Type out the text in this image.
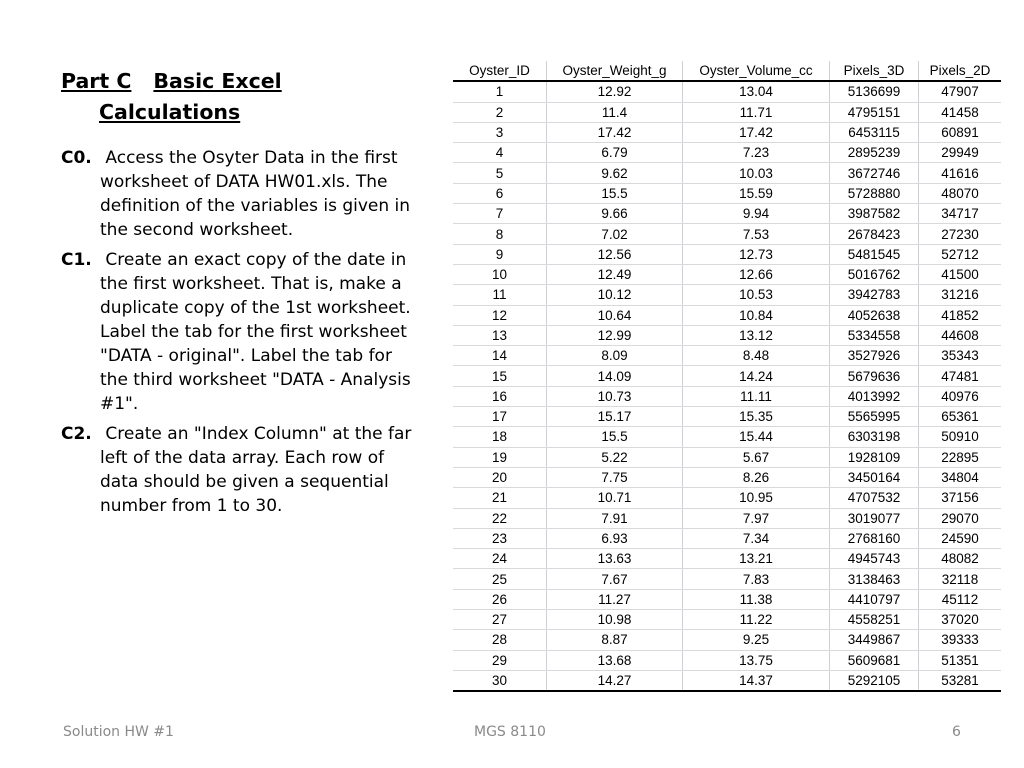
Part C Basic Excel
Calculations
C0. Access the Osyter Data in the first worksheet of DATA HW01.xls. The definition of the variables is given in the second worksheet.
C1. Create an exact copy of the date in the first worksheet. That is, make a duplicate copy of the 1st worksheet. Label the tab for the first worksheet "DATA - original". Label the tab for the third worksheet "DATA - Analysis #1".
C2. Create an "Index Column" at the far left of the data array. Each row of data should be given a sequential number from 1 to 30.
Oyster_ID	Oyster_Weight_g	Oyster_Volume_cc	Pixels_3D	Pixels_2D
1	12.92	13.04	5136699	47907
2	11.4	11.71	4795151	41458
3	17.42	17.42	6453115	60891
4	6.79	7.23	2895239	29949
5	9.62	10.03	3672746	41616
6	15.5	15.59	5728880	48070
7	9.66	9.94	3987582	34717
8	7.02	7.53	2678423	27230
9	12.56	12.73	5481545	52712
10	12.49	12.66	5016762	41500
11	10.12	10.53	3942783	31216
12	10.64	10.84	4052638	41852
13	12.99	13.12	5334558	44608
14	8.09	8.48	3527926	35343
15	14.09	14.24	5679636	47481
16	10.73	11.11	4013992	40976
17	15.17	15.35	5565995	65361
18	15.5	15.44	6303198	50910
19	5.22	5.67	1928109	22895
20	7.75	8.26	3450164	34804
21	10.71	10.95	4707532	37156
22	7.91	7.97	3019077	29070
23	6.93	7.34	2768160	24590
24	13.63	13.21	4945743	48082
25	7.67	7.83	3138463	32118
26	11.27	11.38	4410797	45112
27	10.98	11.22	4558251	37020
28	8.87	9.25	3449867	39333
29	13.68	13.75	5609681	51351
30	14.27	14.37	5292105	53281
Solution HW #1	MGS 8110	6
